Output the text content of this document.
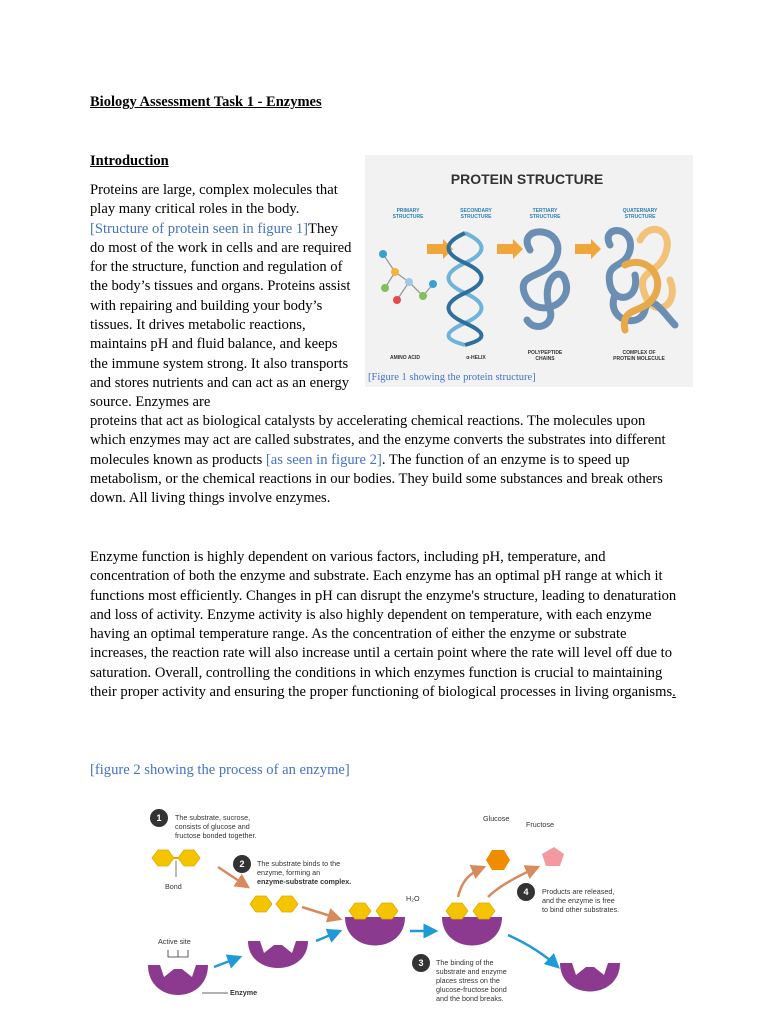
Biology Assessment Task 1 - Enzymes
Introduction
Proteins are large, complex molecules that play many critical roles in the body. [Structure of protein seen in figure 1]They do most of the work in cells and are required for the structure, function and regulation of the body’s tissues and organs. Proteins assist with repairing and building your body’s tissues. It drives metabolic reactions, maintains pH and fluid balance, and keeps the immune system strong. It also transports and stores nutrients and can act as an energy source. Enzymes are
proteins that act as biological catalysts by accelerating chemical reactions. The molecules upon which enzymes may act are called substrates, and the enzyme converts the substrates into different molecules known as products [as seen in figure 2]. The function of an enzyme is to speed up metabolism, or the chemical reactions in our bodies. They build some substances and break others down. All living things involve enzymes.
Enzyme function is highly dependent on various factors, including pH, temperature, and concentration of both the enzyme and substrate. Each enzyme has an optimal pH range at which it functions most efficiently. Changes in pH can disrupt the enzyme's structure, leading to denaturation and loss of activity. Enzyme activity is also highly dependent on temperature, with each enzyme having an optimal temperature range. As the concentration of either the enzyme or substrate increases, the reaction rate will also increase until a certain point where the rate will level off due to saturation. Overall, controlling the conditions in which enzymes function is crucial to maintaining their proper activity and ensuring the proper functioning of biological processes in living organisms.
PROTEIN STRUCTURE
PRIMARY	SECONDARY	TERTIARY	QUATERNARY
STRUCTURE	STRUCTURE	STRUCTURE	STRUCTURE
AMINO ACID	α-HELIX
POLYPEPTIDE
CHAINS
COMPLEX OF
PROTEIN MOLECULE
[Figure 1 showing the protein structure]
[figure 2 showing the process of an enzyme]
1
2
3
4
The substrate, sucrose,
consists of glucose and
fructose bonded together.
The substrate binds to the
enzyme, forming an
enzyme-substrate complex.
The binding of the
substrate and enzyme
places stress on the
glucose-fructose bond
and the bond breaks.
Products are released,
and the enzyme is free
to bind other substrates.
Bond
Active site
Enzyme
H₂O
Glucose
Fructose
